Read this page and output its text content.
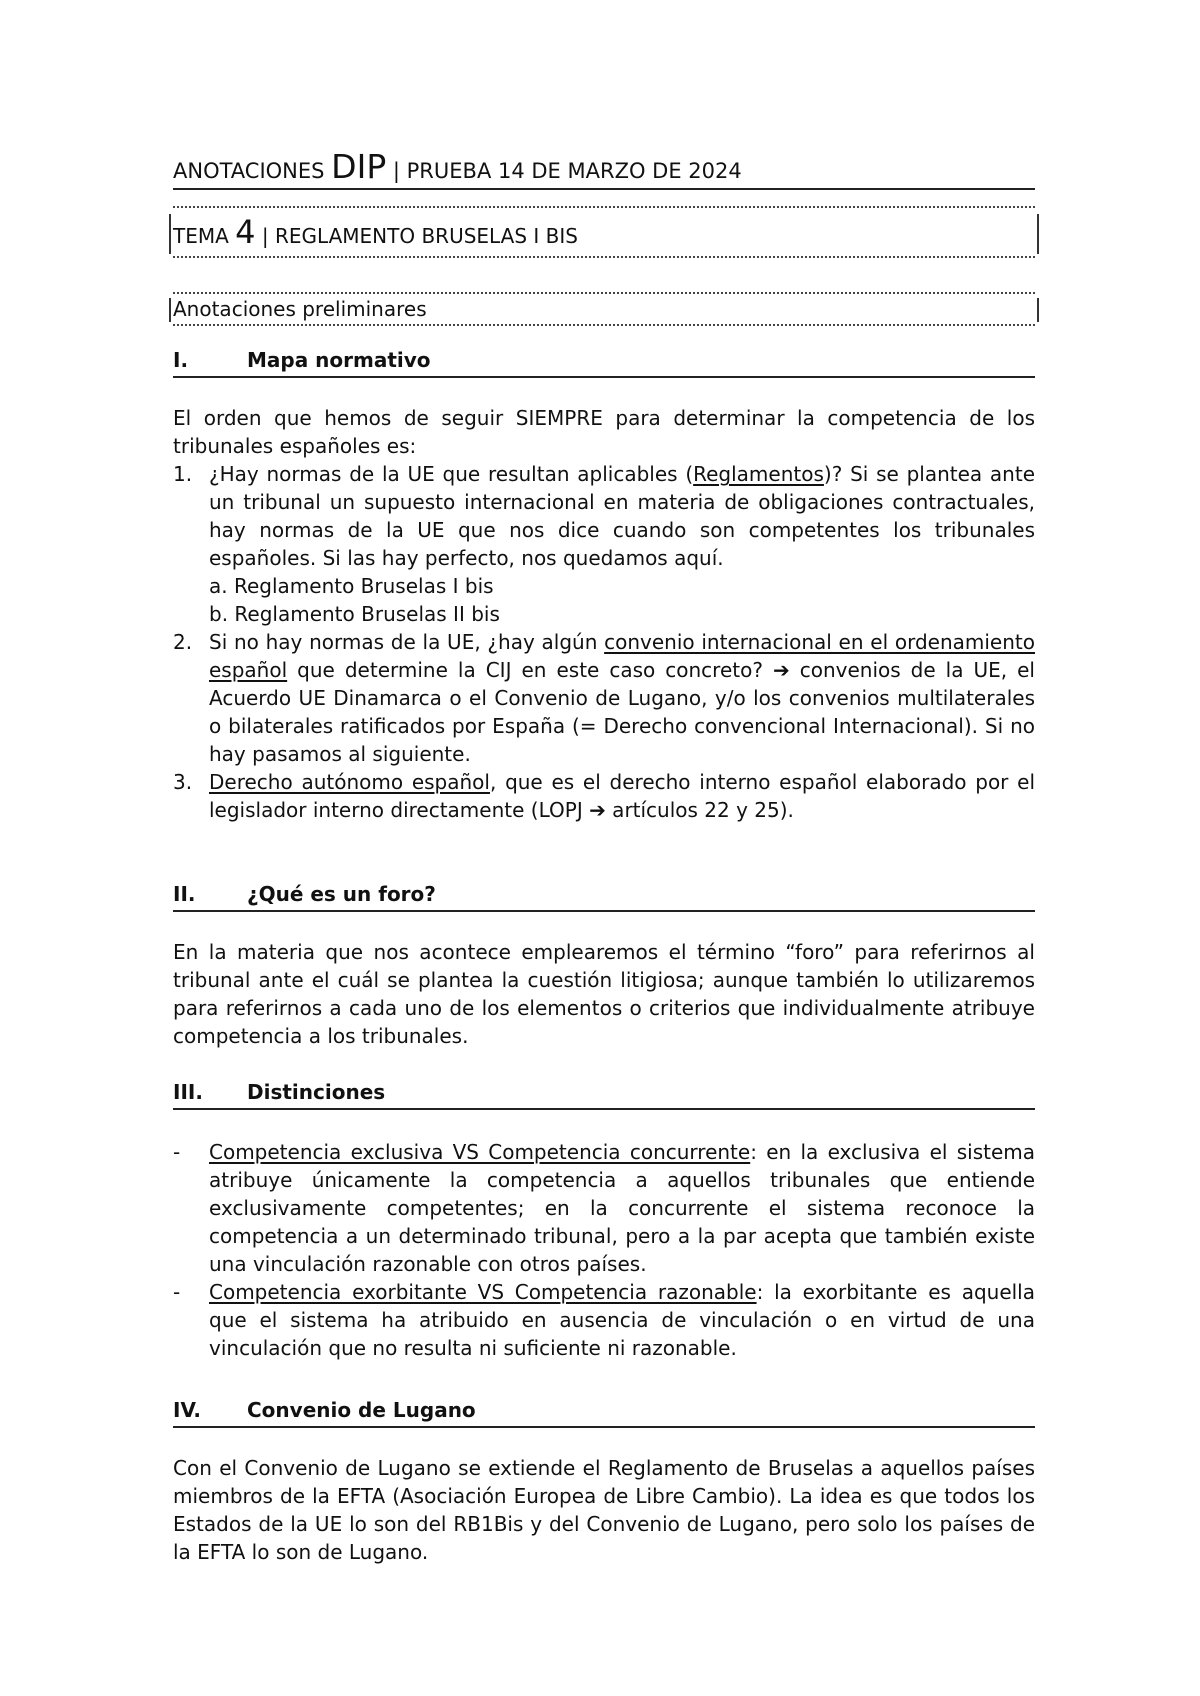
ANOTACIONES DIP | PRUEBA 14 DE MARZO DE 2024
TEMA 4 | REGLAMENTO BRUSELAS I BIS
Anotaciones preliminares
I.	Mapa normativo

El orden que hemos de seguir SIEMPRE para determinar la competencia de los tribunales españoles es:

1. ¿Hay normas de la UE que resultan aplicables (Reglamentos)? Si se plantea ante un tribunal un supuesto internacional en materia de obligaciones contractuales, hay normas de la UE que nos dice cuando son competentes los tribunales españoles. Si las hay perfecto, nos quedamos aquí.
a. Reglamento Bruselas I bis
b. Reglamento Bruselas II bis
2. Si no hay normas de la UE, ¿hay algún convenio internacional en el ordenamiento español que determine la CIJ en este caso concreto? ➔ convenios de la UE, el Acuerdo UE Dinamarca o el Convenio de Lugano, y/o los convenios multilaterales o bilaterales ratificados por España (= Derecho convencional Internacional). Si no hay pasamos al siguiente.
3. Derecho autónomo español, que es el derecho interno español elaborado por el legislador interno directamente (LOPJ ➔ artículos 22 y 25).
II.	¿Qué es un foro?

En la materia que nos acontece emplearemos el término “foro” para referirnos al tribunal ante el cuál se plantea la cuestión litigiosa; aunque también lo utilizaremos para referirnos a cada uno de los elementos o criterios que individualmente atribuye competencia a los tribunales.

III. Distinciones
- Competencia exclusiva VS Competencia concurrente: en la exclusiva el sistema atribuye únicamente la competencia a aquellos tribunales que entiende exclusivamente competentes; en la concurrente el sistema reconoce la competencia a un determinado tribunal, pero a la par acepta que también existe una vinculación razonable con otros países.
- Competencia exorbitante VS Competencia razonable: la exorbitante es aquella que el sistema ha atribuido en ausencia de vinculación o en virtud de una vinculación que no resulta ni suficiente ni razonable.
IV. Convenio de Lugano

Con el Convenio de Lugano se extiende el Reglamento de Bruselas a aquellos países miembros de la EFTA (Asociación Europea de Libre Cambio). La idea es que todos los Estados de la UE lo son del RB1Bis y del Convenio de Lugano, pero solo los países de la EFTA lo son de Lugano.
